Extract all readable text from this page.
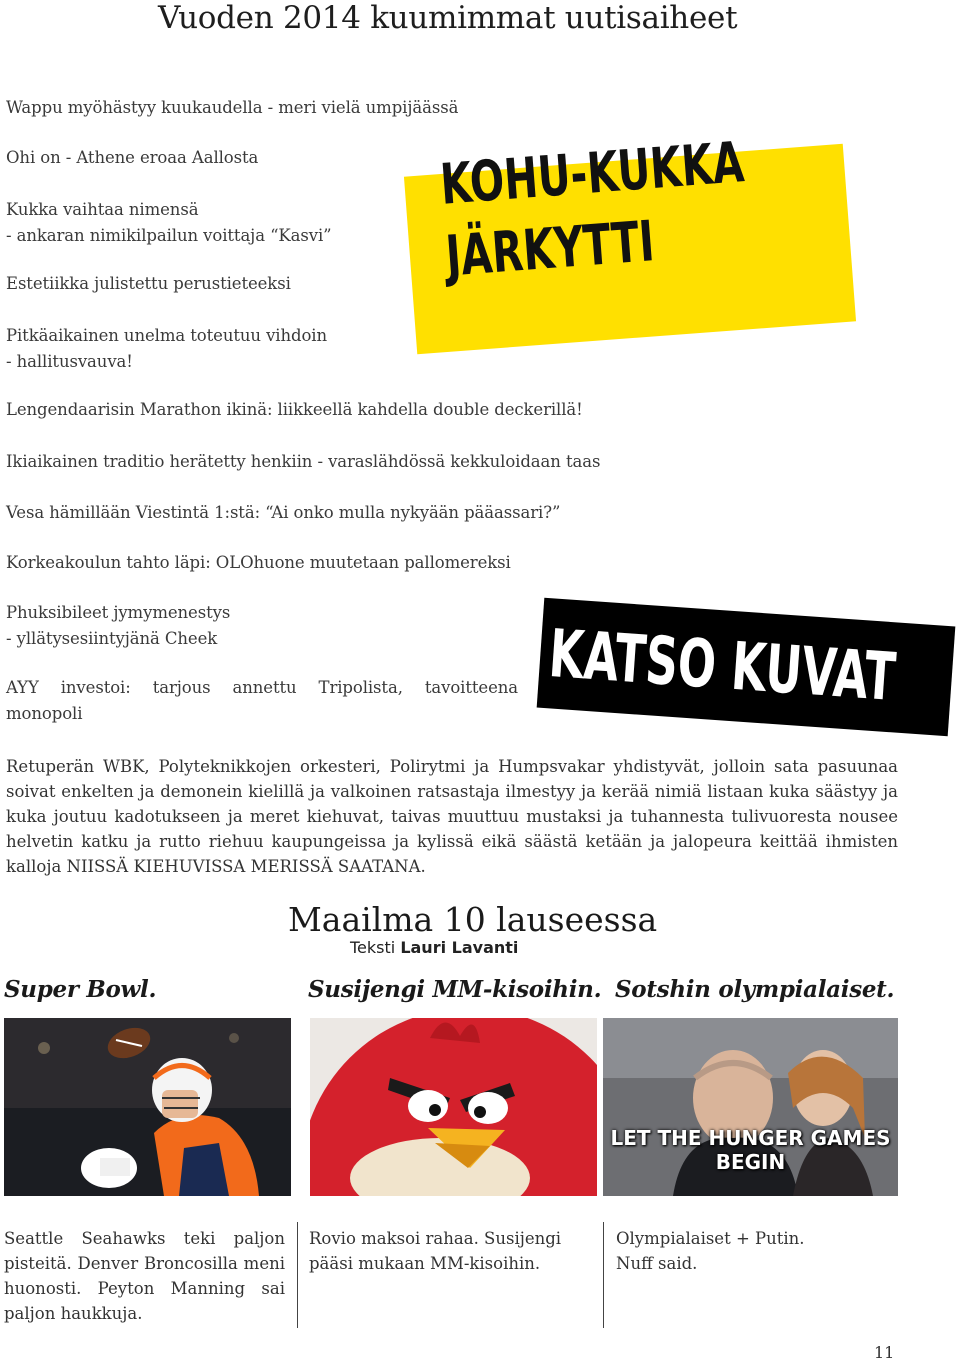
Vuoden 2014 kuumimmat uutisaiheet
Wappu myöhästyy kuukaudella - meri vielä umpijäässä
Ohi on - Athene eroaa Aallosta
Kukka vaihtaa nimensä
- ankaran nimikilpailun voittaja “Kasvi”
Estetiikka julistettu perustieteeksi
Pitkäaikainen unelma toteutuu vihdoin
- hallitusvauva!
KOHU-KUKKA
JÄRKYTTI
Lengendaarisin Marathon ikinä: liikkeellä kahdella double deckerillä!
Ikiaikainen traditio herätetty henkiin - varaslähdössä kekkuloidaan taas
Vesa hämillään Viestintä 1:stä: “Ai onko mulla nykyään pääassari?”
Korkeakoulun tahto läpi: OLOhuone muutetaan pallomereksi
Phuksibileet jymymenestys
- yllätysesiintyjänä Cheek
AYY investoi: tarjous annettu Tripolista, tavoitteena
monopoli	KATSO KUVAT
Retuperän WBK, Polyteknikkojen orkesteri, Polirytmi ja Humpsvakar yhdistyvät, jolloin sata pasuunaa soivat enkelten ja demonein kielillä ja valkoinen ratsastaja ilmestyy ja kerää nimiä listaan kuka säästyy ja kuka joutuu kadotukseen ja meret kiehuvat, taivas muuttuu mustaksi ja tuhannesta tulivuoresta nousee helvetin katku ja rutto riehuu kaupungeissa ja kylissä eikä säästä ketään ja jalopeura keittää ihmisten kalloja NIISSÄ KIEHUVISSA MERISSÄ SAATANA.
Maailma 10 lauseessa
Teksti Lauri Lavanti
Super Bowl.	Susijengi MM-kisoihin. Sotshin olympialaiset.
LET THE HUNGER GAMES
BEGIN
Seattle Seahawks teki paljon pisteitä. Denver Broncosilla meni huonosti. Peyton Manning sai paljon haukkuja.
Rovio maksoi rahaa. Susijengi pääsi mukaan MM-kisoihin.
Olympialaiset + Putin. Nuff said.
11
